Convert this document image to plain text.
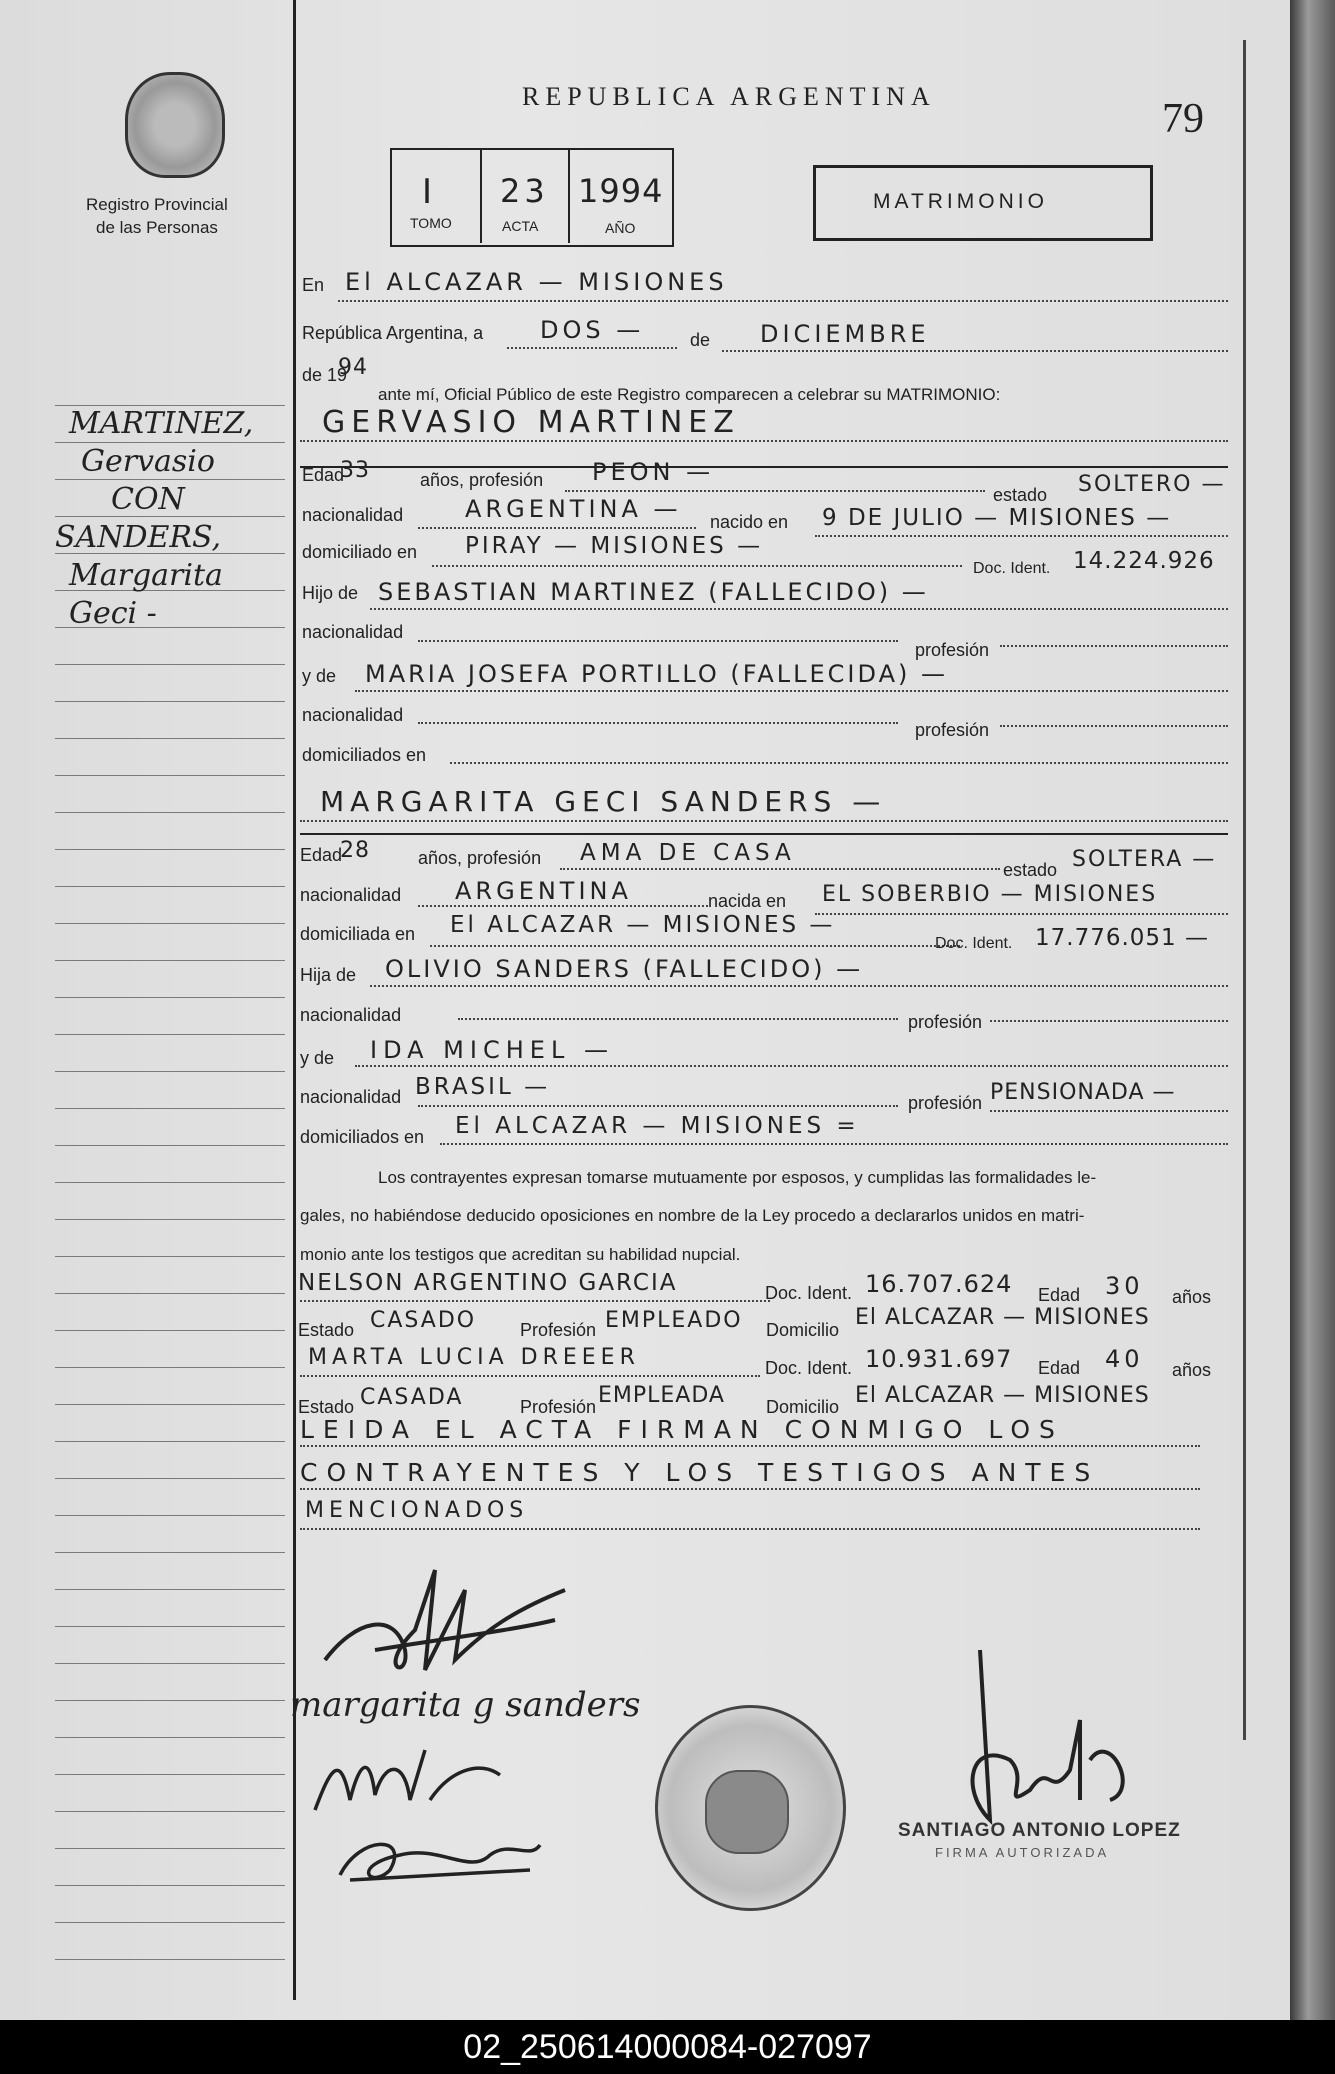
Registro Provincial
de las Personas
MARTINEZ,
Gervasio
CON
SANDERS,
Margarita
Geci -
REPUBLICA ARGENTINA	79
I 23 1994
TOMO	ACTA	AÑO
MATRIMONIO
En El ALCAZAR — MISIONES
República Argentina, a DOS —	de DICIEMBRE
de 19
94
ante mí, Oficial Público de este Registro comparecen a celebrar su MATRIMONIO:
GERVASIO MARTINEZ
Edad
33	años, profesión PEON —
estado SOLTERO —
nacionalidad	ARGENTINA — nacido en 9 DE JULIO — MISIONES —
domiciliado en PIRAY — MISIONES —
Doc. Ident. 14.224.926
Hijo de SEBASTIAN MARTINEZ (FALLECIDO) —
nacionalidad
profesión
y de MARIA JOSEFA PORTILLO (FALLECIDA) —
nacionalidad
profesión
domiciliados en
MARGARITA GECI SANDERS —
Edad
28	años, profesión AMA DE CASA
estado SOLTERA —
nacionalidad ARGENTINA	nacida en EL SOBERBIO — MISIONES
domiciliada en El ALCAZAR — MISIONES —
Doc. Ident. 17.776.051 —
Hija de OLIVIO SANDERS (FALLECIDO) —
nacionalidad	profesión
y de IDA MICHEL —
nacionalidad BRASIL —
profesión PENSIONADA —
domiciliados en El ALCAZAR — MISIONES =
Los contrayentes expresan tomarse mutuamente por esposos, y cumplidas las formalidades le-
gales, no habiéndose deducido oposiciones en nombre de la Ley procedo a declararlos unidos en matri-
monio ante los testigos que acreditan su habilidad nupcial.
NELSON ARGENTINO GARCIA	Doc. Ident. 16.707.624 Edad 30 años
Estado CASADO Profesión EMPLEADO Domicilio El ALCAZAR — MISIONES
MARTA LUCIA DREEER	Doc. Ident. 10.931.697 Edad 40 años
Estado CASADA	Profesión EMPLEADA Domicilio El ALCAZAR — MISIONES
LEIDA EL ACTA FIRMAN CONMIGO LOS
CONTRAYENTES Y LOS TESTIGOS ANTES
MENCIONADOS
margarita g sanders
SANTIAGO ANTONIO LOPEZ
FIRMA AUTORIZADA
02_250614000084-027097
